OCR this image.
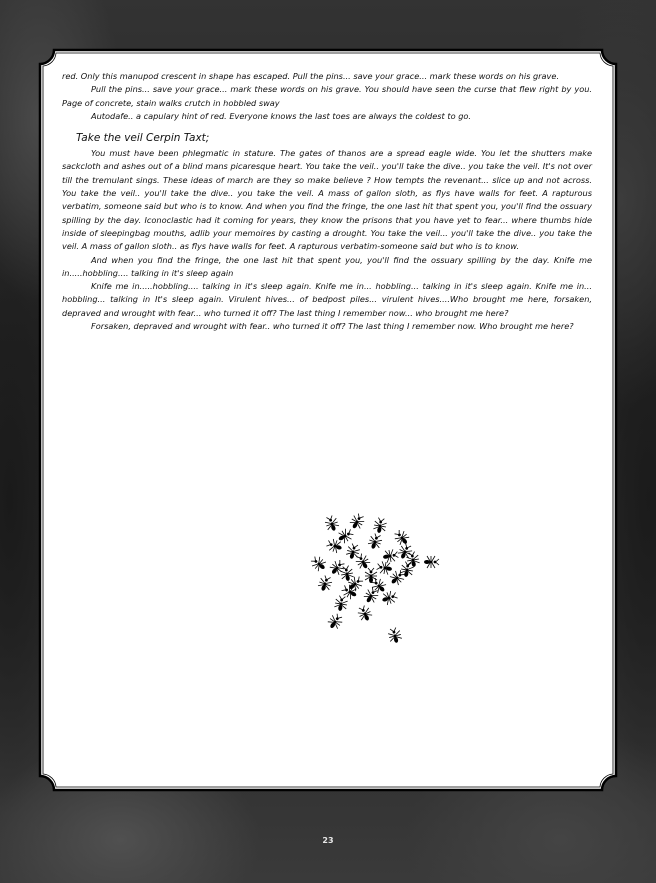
red. Only this manupod crescent in shape has escaped. Pull the pins... save your grace... mark these words on his grave.

Pull the pins... save your grace... mark these words on his grave. You should have seen the curse that flew right by you. Page of concrete, stain walks crutch in hobbled sway

Autodafe.. a capulary hint of red. Everyone knows the last toes are always the coldest to go.

Take the veil Cerpin Taxt;

You must have been phlegmatic in stature. The gates of thanos are a spread eagle wide. You let the shutters make sackcloth and ashes out of a blind mans picaresque heart. You take the veil.. you'll take the dive.. you take the veil. It's not over till the tremulant sings. These ideas of march are they so make believe ? How tempts the revenant... slice up and not across. You take the veil.. you'll take the dive.. you take the veil. A mass of gallon sloth, as flys have walls for feet. A rapturous verbatim, someone said but who is to know. And when you find the fringe, the one last hit that spent you, you'll find the ossuary spilling by the day. Iconoclastic had it coming for years, they know the prisons that you have yet to fear... where thumbs hide inside of sleepingbag mouths, adlib your memoires by casting a drought. You take the veil... you'll take the dive.. you take the veil. A mass of gallon sloth.. as flys have walls for feet. A rapturous verbatim-someone said but who is to know.

And when you find the fringe, the one last hit that spent you, you'll find the ossuary spilling by the day. Knife me in.....hobbling.... talking in it's sleep again

Knife me in.....hobbling.... talking in it's sleep again. Knife me in... hobbling... talking in it's sleep again. Knife me in... hobbling... talking in It's sleep again. Virulent hives... of bedpost piles... virulent hives....Who brought me here, forsaken, depraved and wrought with fear... who turned it off? The last thing I remember now... who brought me here?

Forsaken, depraved and wrought with fear.. who turned it off? The last thing I remember now. Who brought me here?

23
